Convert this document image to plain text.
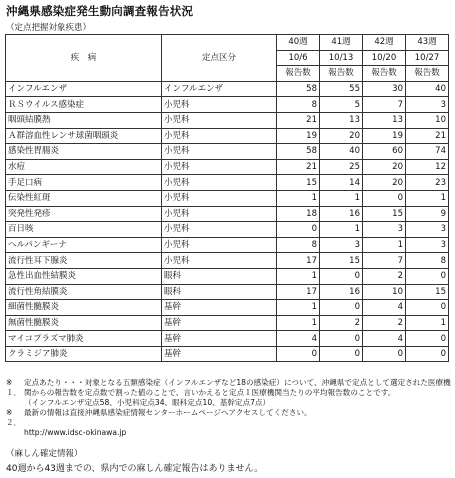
沖縄県感染症発生動向調査報告状況
（定点把握対象疾患）
疾　病	定点区分	40週	41週	42週	43週
		10/6	10/13	10/20	10/27
		報告数	報告数	報告数	報告数
インフルエンザ	インフルエンザ	58	55	30	40
ＲＳウイルス感染症	小児科	8	5	7	3
咽頭結膜熱	小児科	21	13	13	10
Ａ群溶血性レンサ球菌咽頭炎	小児科	19	20	19	21
感染性胃腸炎	小児科	58	40	60	74
水痘	小児科	21	25	20	12
手足口病	小児科	15	14	20	23
伝染性紅斑	小児科	1	1	0	1
突発性発疹	小児科	18	16	15	9
百日咳	小児科	0	1	3	3
ヘルパンギーナ	小児科	8	3	1	3
流行性耳下腺炎	小児科	17	15	7	8
急性出血性結膜炎	眼科	1	0	2	0
流行性角結膜炎	眼科	17	16	10	15
細菌性髄膜炎	基幹	1	0	4	0
無菌性髄膜炎	基幹	1	2	2	1
マイコプラズマ肺炎	基幹	4	0	4	0
クラミジア肺炎	基幹	0	0	0	0
※１．
定点あたり・・・対象となる五類感染症（インフルエンザなど18の感染症）について、沖縄県で定点として選定された医療機関からの報告数を定点数で割った値のことで、言いかえると定点１医療機関当たりの平均報告数のことです。
（インフルエンザ定点58、小児科定点34、眼科定点10、基幹定点7点）
※２．
最新の情報は直接沖縄県感染症情報センターホームページへアクセスしてください。
http://www.idsc-okinawa.jp
（麻しん確定情報）
40週から43週までの、県内での麻しん確定報告はありません。
